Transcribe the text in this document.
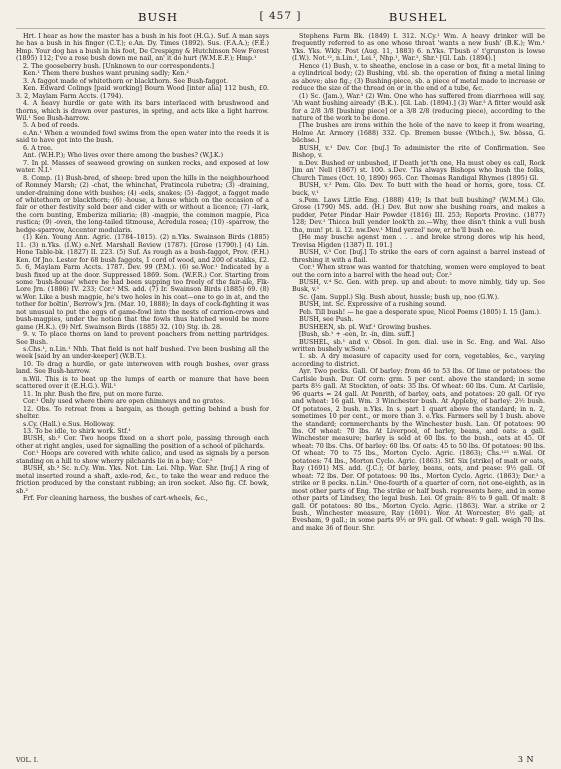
BUSH	[ 457 ]	BUSHEL

Hrt. I hear as how the master has a bush in his foot (H.G.). Suf. A man says he has a bush in his finger (C.T.); e.An. Dy. Times (1892). Sus. (F.A.A.); (F.E.) Hmp. Your dog has a bush in his foot, De Crespigny & Hutchinson New Forest (1895) 112; I've a rose bush down me nail, an' it do hurt (W.M.E.F.); Hmp.¹

2. The gooseberry bush. [Unknown to our correspondents.]

Ken.¹ Them there bushes want pruning sadly; Ken.²

3. A faggot made of whitethorn or blackthorn. See Bush-faggot.

Ken. Edward Colings [paid working] Bourn Wood [inter alia] 112 bush, £0. 3. 2, Maylam Farm Accts. (1794).

4. A heavy hurdle or gate with its bars interlaced with brushwood and thorns, which is drawn over pastures, in spring, and acts like a light harrow. Wil.¹ See Bush-harrow.

5. A bed of reeds.

e.An.¹ When a wounded fowl swims from the open water into the reeds it is said to have got into the bush.

6. A tree.

Ant. (W.H.P.); Who lives over there among the bushes? (W.J.K.)

7. In pl. Masses of seaweed growing on sunken rocks, and exposed at low water. N.I.¹

8. Comp. (1) Bush-bred, of sheep: bred upon the hills in the neighbourhood of Romney Marsh; (2) -chat, the whinchat, Pratincola rubetra; (3) -draining, under-draining done with bushes; (4) -eels, snakes; (5) -faggot, a faggot made of whitethorn or blackthorn; (6) -house, a house which on the occasion of a fair or other festivity sold beer and cider with or without a licence; (7) -lark, the corn bunting, Emberiza miliaria; (8) -magpie, the common magpie, Pica rustica; (9) -oven, the long-tailed titmouse, Acredula rosea; (10) -sparrow, the hedge-sparrow, Accentor modularis.

(1) Ken. Young Ann. Agric. (1784–1815). (2) n.Yks. Swainson Birds (1885) 11. (3) n.Yks. (I.W.) e.Nrf. Marshall Review (1787). [Grose (1790).] (4) Lin. Hone Table-bk. (1827) II. 223. (5) Suf. As rough as a bush-faggot, Prov. (F.H.) Ken. Of Jno. Lester for 68 bush faggots, 1 cord of wood, and 200 of stakks, £2. 5. 6, Maylam Farm Accts. 1787. Dev. 99 (P.M.). (6) se.Wor.¹ Indicated by a bush fixed up at the door. Suppressed 1869. Som. (W.F.R.) Cor. Starting from some 'bush-house' where he had been supping too freely of the fair-ale, Flk-Lore Jrn. (1886) IV. 233; Cor.² MS. add. (7) Ir. Swainson Birds (1885) 69. (8) w.Wor. Like a bush magpie, he's two holes in his coat—one to go in at, and the tother for boltin', Berrow's Jrn. (Mar. 10, 1888); In days of cock-fighting it was not unusual to put the eggs of game-fowl into the nests of carrion-crows and bush-magpies, under the notion that the fowls thus hatched would be more game (H.K.). (9) Nrf. Swainson Birds (1885) 32. (10) Stg. ib. 28.

9. v. To place thorns on land to prevent poachers from netting partridges. See Bush.

s.Chs.¹, n.Lin.¹ Nhb. That field is not half bushed. I've been bushing all the week [said by an under-keeper] (W.B.T.).

10. To drag a hurdle, or gate interwoven with rough bushes, over grass land. See Bush-harrow.

n.Wil. This is to beat up the lumps of earth or manure that have been scattered over it (E.H.G.). Wil.¹

11. In phr. Bush the fire, put on more furze.

Cor.¹ Only used where there are open chimneys and no grates.

12. Obs. To retreat from a bargain, as though getting behind a bush for shelter.

s.Cy. (Hall.) e.Sus. Holloway.

13. To be idle, to shirk work. Stf.¹

BUSH, sb.² Cor. Two hoops fixed on a short pole, passing through each other at right angles, used for signalling the position of a school of pilchards.

Cor.¹ Hoops are covered with white calico, and used as signals by a person standing on a hill to show wherry pilchards lie in a bay; Cor.²

BUSH, sb.³ Sc. n.Cy. Wm. Yks. Not. Lin. Lei. Nhp. War. Shr. [buʃ.] A ring of metal inserted round a shaft, axle-rod, &c., to take the wear and reduce the friction produced by the constant rubbing; an iron socket. Also fig. Cf. bowk, sb.²

Frf. For cleaning harness, the bushes of cart-wheels, &c.,

Stephens Farm Bk. (1849) I. 312. N.Cy.¹ Wm. A heavy drinker will be frequently referred to as one whose throat 'wants a new bush' (B.K.); Wm.¹ Yks. Yks. Wkly. Post (Aug. 11, 1883) 6. n.Yks. T'bush o' t'grunston is lowse (I.W.). Not.¹², n.Lin.¹, Lei.¹, Nhp.¹, War.², Shr.¹ [Gl. Lab. (1894).]

Hence (1) Bush, v. to sheathe, enclose in a case or box, fit a metal lining to a cylindrical body; (2) Bushing, vbl. sb. the operation of fixing a metal lining as above; also fig.; (3) Bushing-piece, sb. a piece of metal made to increase or reduce the size of the thread on or in the end of a tube, &c.

(1) Sc. (Jam.), War.³ (2) Wm. One who has suffered from diarrhoea will say, 'Ah want bushing aiready' (B.K.). [Gl. Lab. (1894).] (3) War.³ A fitter would ask for a 2/8 3/8 [bushing piece] or a 3/8 2/8 (reducing piece), according to the nature of the work to be done.

[The bushes are irons within the hole of the nave to keep it from wearing, Holme Ar. Armory (1688) 332. Cp. Bremen busse (Wtbch.), Sw. bössa, G. büchse.]

BUSH, v.¹ Dev. Cor. [buʃ.] To administer the rite of Confirmation. See Bishop, v.

n.Dev. Bushed or unbushed, if Death jet'th one, Ha must obey es call, Rock Jim an' Nell (1867) st. 100. s.Dev. 'Tis always Bishops who bush the folks, Church Times (Oct. 10, 1890) 965. Cor. Thomas Randigal Rhymes (1895) Gl.

BUSH, v.² Pem. Glo. Dev. To butt with the head or horns, gore, toss. Cf. buck, v.¹

s.Pem. Laws Little Eng. (1888) 419; Is that bull bushing? (W.M.M.) Glo. Grose (1790) MS. add. (H.) Dev. But now she bushing roars, and makes a pudder, Peter Pindar Hair Powder (1816) III. 253; Reports Provinc. (1877) 128; Dev.¹ Thicca bull yender look'th zo.—Why, thee disn't think a vull bush tha, mun! pt. ii. 12. nw.Dev.¹ Mind yerzel' now, er he'll bush ee.

[He may busche agenst men . . . and breke strong dores wip his heed, Trevisa Higden (1387) II. 191.]

BUSH, v.³ Cor. [buʃ.] To strike the ears of corn against a barrel instead of threshing it with a flail.

Cor.¹ When straw was wanted for thatching, women were employed to beat out the corn into a barrel with the head out; Cor.²

BUSH, v.⁴ Sc. Gen. with prep. up and about: to move nimbly, tidy up. See Busk, v.¹

Sc. (Jam. Suppl.) Slg. Bush about, hussle; bush up, noo (G.W.).

BUSH, int. Sc. Expressive of a rushing sound.

Peb. Till bush! — he gae a desperate spue, Nicol Poems (1805) I. 15 (Jam.).

BUSH, see Push.

BUSHEEN, sb. pl. Wxf.¹ Growing bushes.

[Bush, sb.¹ + -een, Ir. -ín, dim. suff.]

BUSHEL, sb.¹ and v. Obsol. In gen. dial. use in Sc. Eng. and Wal. Also written bushely w.Som.¹

1. sb. A dry measure of capacity used for corn, vegetables, &c., varying according to district.

Ayr. Two pecks. Gall. Of barley: from 46 to 53 lbs. Of lime or potatoes: the Carlisle bush. Dur. Of corn: grm. 5 per cent. above the standard; in some parts 8½ gall. At Stockton, of oats: 35 lbs. Of wheat: 60 lbs. Cum. At Carlisle, 96 quarts = 24 gall. At Penrith, of barley, oats, and potatoes: 20 gall. Of rye and wheat: 16 gall. Wm. 3 Winchester bush. At Appleby, of barley: 2½ bush. Of potatoes, 2 bush. n.Yks. In s. part 1 quart above the standard; in n. 2, sometimes 10 per cent., or more than 3. e.Yks. Farmers sell by 1 bush. above the standard; cornmerchants by the Winchester bush. Lan. Of potatoes: 90 lbs. Of wheat: 70 lbs. At Liverpool, of barley, beans, and oats: a gall. Winchester measure; barley is sold at 60 lbs. to the bush., oats at 45. Of wheat: 70 lbs. Chs. Of barley: 60 lbs. Of oats: 45 to 50 lbs. Of potatoes: 90 lbs. Of wheat: 70 to 75 lbs., Morton Cyclo. Agric. (1863); Chs.¹²³ n.Wal. Of potatoes: 74 lbs., Morton Cyclo. Agric. (1863). Stf. Six [strike] of malt or oats, Ray (1691) MS. add. (J.C.); Of barley, beans, oats, and pease: 9½ gall. Of wheat: 72 lbs. Der. Of potatoes: 90 lbs., Morton Cyclo. Agric. (1863); Der.² a strike or 8 pecks. n.Lin.¹ One-fourth of a quarter of corn, not one-eighth, as in most other parts of Eng. The strike or half bush. represents here, and in some other parts of Lindsey, the legal bush. Lei. Of grain: 8½ to 9 gall. Of malt: 8 gall. Of potatoes: 80 lbs., Morton Cyclo. Agric. (1863). War. a strike or 2 bush., Winchester measure, Ray (1691). Wor. At Worcester, 8½ gall; at Evesham, 9 gall.; in some parts 9½ or 9¾ gall. Of wheat: 9 gall. weigh 70 lbs. and make 36 of flour. Shr.

VOL. I.	3 N
